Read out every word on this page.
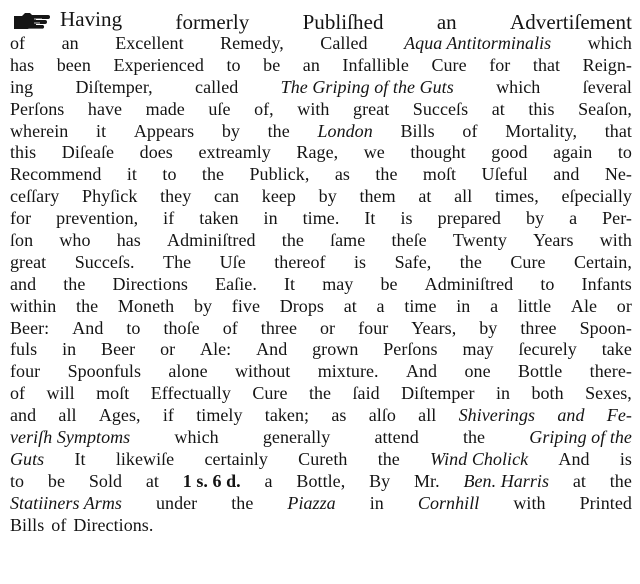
Having	formerly	Publiſhed	an	Advertiſement
of an Excellent Remedy, Called Aqua Antitorminalis which
has been Experienced to be an Infallible Cure for that Reign-
ing Diſtemper, called The Griping of the Guts which ſeveral
Perſons have made uſe of, with great Succeſs at this Seaſon,
wherein it Appears by the London Bills of Mortality, that
this Diſeaſe does extreamly Rage, we thought good again to
Recommend it to the Publick, as the moſt Uſeful and Ne-
ceſſary Phyſick they can keep by them at all times, eſpecially
for prevention, if taken in time. It is prepared by a Per-
ſon who has Adminiſtred the ſame theſe Twenty Years with
great Succeſs. The Uſe thereof is Safe, the Cure Certain,
and the Directions Eaſie. It may be Adminiſtred to Infants
within the Moneth by five Drops at a time in a little Ale or
Beer: And to thoſe of three or four Years, by three Spoon-
fuls in Beer or Ale: And grown Perſons may ſecurely take
four Spoonfuls alone without mixture. And one Bottle there-
of will moſt Effectually Cure the ſaid Diſtemper in both Sexes,
and all Ages, if timely taken; as alſo all Shiverings and Fe-
veriſh Symptoms which generally attend the Griping of the
Guts It likewiſe certainly Cureth the Wind Cholick And is
to be Sold at 1 s. 6 d. a Bottle, By Mr. Ben. Harris at the
Statiiners Arms under the Piazza in Cornhill with Printed
Bills of Directions.
